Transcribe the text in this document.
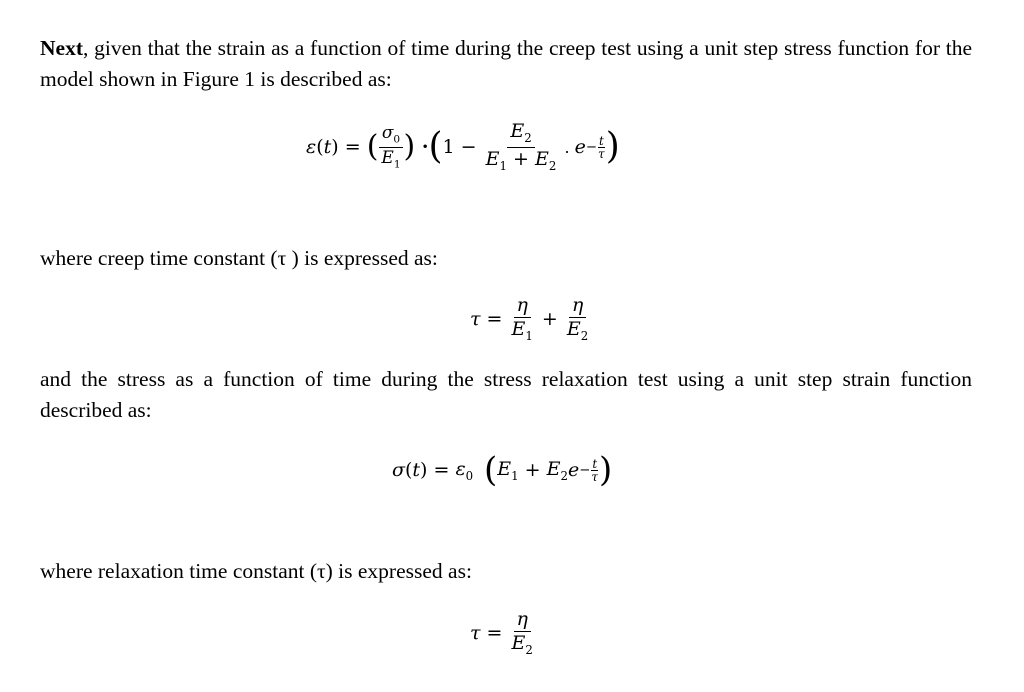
Next, given that the strain as a function of time during the creep test using a unit step stress function for the model shown in Figure 1 is described as:

ε ( t ) = ( $\frac{\sigma_0}{E_1}$ ) · ( $1 - \frac{E_2}{E_1 + E_2}$ . $e - \frac{t}{\tau}$ )

where creep time constant (τ ) is expressed as:

$\tau = \frac{\eta}{E_1} + \frac{\eta}{E_2}$

and the stress as a function of time during the stress relaxation test using a unit step strain function described as:

σ ( t ) = $\varepsilon_0$ ( $E_1 + E_2$ $e - \frac{t}{\tau}$ )

where relaxation time constant (τ) is expressed as:

$\tau = \frac{\eta}{E_2}$
